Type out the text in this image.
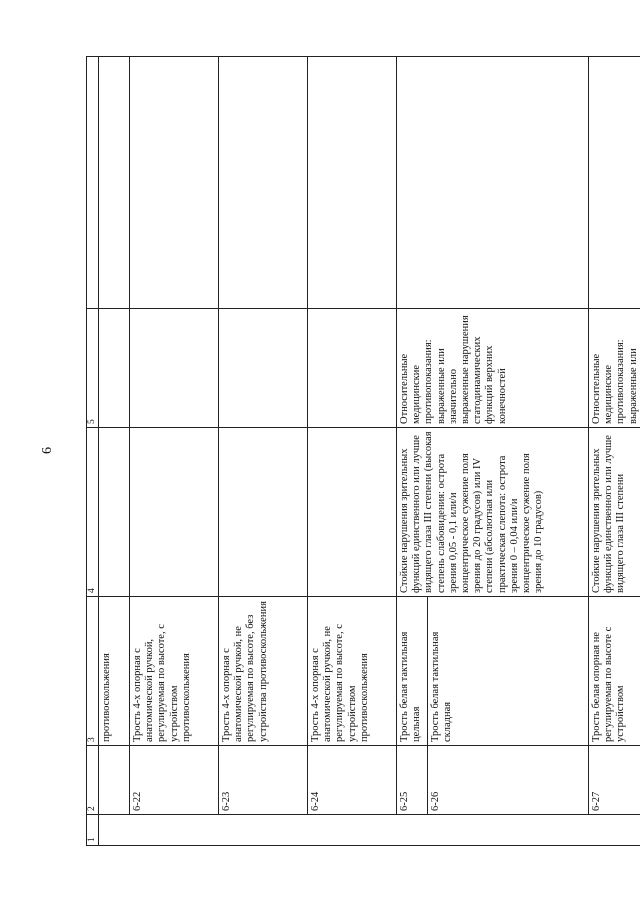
6
1	2	3	4	5	
		противоскольжения			
	6-22	Трость 4-х опорная с анатомической ручкой, регулируемая по высоте, с устройством противоскольжения			
	6-23	Трость 4-х опорная с анатомической ручкой, не регулируемая по высоте, без устройства противоскольжения			
	6-24	Трость 4-х опорная с анатомической ручкой, не регулируемая по высоте, с устройством противоскольжения			
	6-25	Трость белая тактильная цельная	Стойкие нарушения зрительных функций единственного или лучше видящего глаза III степени (высокая степень слабовидения: острота зрения 0,05 - 0,1 или/и концентрическое сужение поля зрения до 20 градусов) или IV степени (абсолютная или практическая слепота: острота зрения 0 – 0,04 или/и концентрическое сужение поля зрения до 10 градусов)	Относительные медицинские противопоказания: выраженные или значительно выраженные нарушения статодинамических функций верхних конечностей	
	6-26	Трость белая тактильная складная			
	6-27	Трость белая опорная не регулируемая по высоте с устройством	Стойкие нарушения зрительных функций единственного или лучше видящего глаза III степени	Относительные медицинские противопоказания: выраженные или	
